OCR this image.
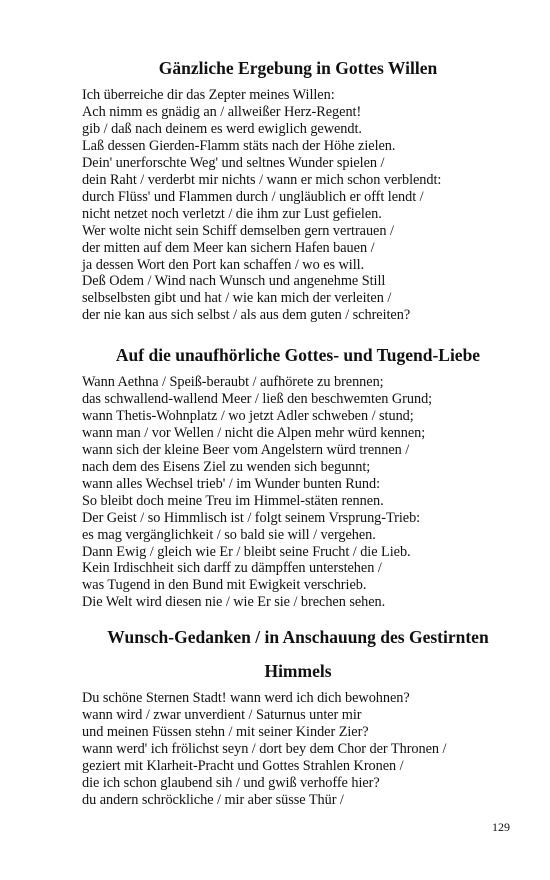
Gänzliche Ergebung in Gottes Willen
Ich überreiche dir das Zepter meines Willen:
Ach nimm es gnädig an / allweißer Herz-Regent!
gib / daß nach deinem es werd ewiglich gewendt.
Laß dessen Gierden-Flamm stäts nach der Höhe zielen.
Dein' unerforschte Weg' und seltnes Wunder spielen /
dein Raht / verderbt mir nichts / wann er mich schon verblendt:
durch Flüss' und Flammen durch / ungläublich er offt lendt /
nicht netzet noch verletzt / die ihm zur Lust gefielen.
Wer wolte nicht sein Schiff demselben gern vertrauen /
der mitten auf dem Meer kan sichern Hafen bauen /
ja dessen Wort den Port kan schaffen / wo es will.
Deß Odem / Wind nach Wunsch und angenehme Still
selbselbsten gibt und hat / wie kan mich der verleiten /
der nie kan aus sich selbst / als aus dem guten / schreiten?
Auf die unaufhörliche Gottes- und Tugend-Liebe
Wann Aethna / Speiß-beraubt / aufhörete zu brennen;
das schwallend-wallend Meer / ließ den beschwemten Grund;
wann Thetis-Wohnplatz / wo jetzt Adler schweben / stund;
wann man / vor Wellen / nicht die Alpen mehr würd kennen;
wann sich der kleine Beer vom Angelstern würd trennen /
nach dem des Eisens Ziel zu wenden sich begunnt;
wann alles Wechsel trieb' / im Wunder bunten Rund:
So bleibt doch meine Treu im Himmel-stäten rennen.
Der Geist / so Himmlisch ist / folgt seinem Vrsprung-Trieb:
es mag vergänglichkeit / so bald sie will / vergehen.
Dann Ewig / gleich wie Er / bleibt seine Frucht / die Lieb.
Kein Irdischheit sich darff zu dämpffen unterstehen /
was Tugend in den Bund mit Ewigkeit verschrieb.
Die Welt wird diesen nie / wie Er sie / brechen sehen.
Wunsch-Gedanken / in Anschauung des Gestirnten
Himmels
Du schöne Sternen Stadt! wann werd ich dich bewohnen?
wann wird / zwar unverdient / Saturnus unter mir
und meinen Füssen stehn / mit seiner Kinder Zier?
wann werd' ich frölichst seyn / dort bey dem Chor der Thronen /
geziert mit Klarheit-Pracht und Gottes Strahlen Kronen /
die ich schon glaubend sih / und gwiß verhoffe hier?
du andern schröckliche / mir aber süsse Thür /
129
